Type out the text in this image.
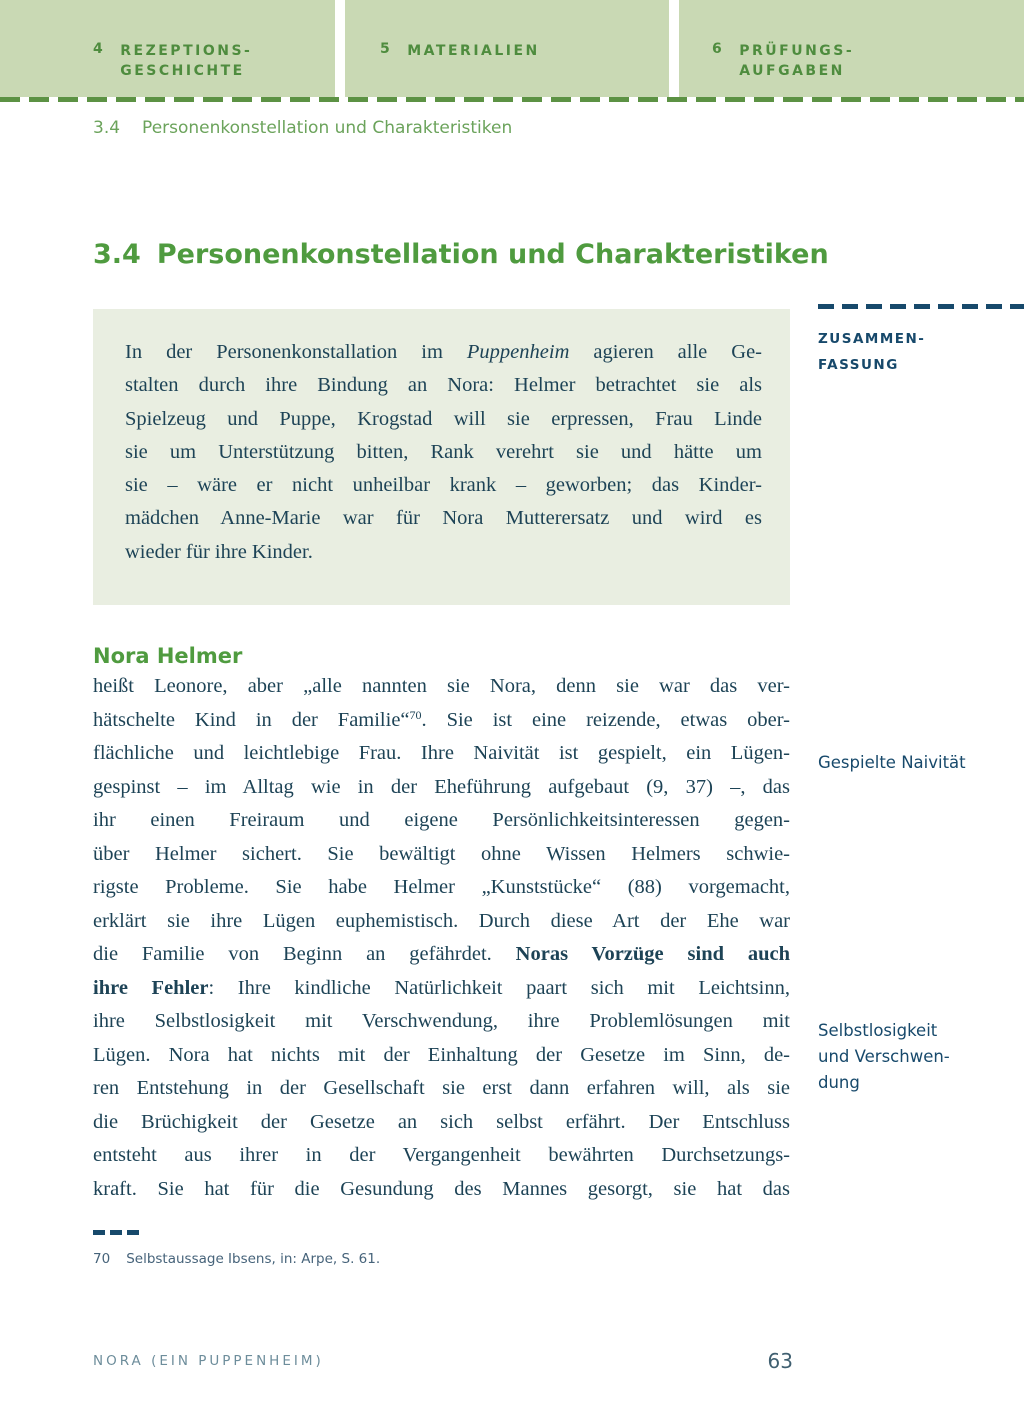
4 REZEPTIONS-
GESCHICHTE
5 MATERIALIEN	6 PRÜFUNGS-
AUFGABEN
3.4 Personenkonstellation und Charakteristiken
3.4 Personenkonstellation und Charakteristiken
In der Personenkonstallation im Puppenheim agieren alle Ge-
stalten durch ihre Bindung an Nora: Helmer betrachtet sie als
Spielzeug und Puppe, Krogstad will sie erpressen, Frau Linde
sie um Unterstützung bitten, Rank verehrt sie und hätte um
sie – wäre er nicht unheilbar krank – geworben; das Kinder-
mädchen Anne-Marie war für Nora Mutterersatz und wird es
wieder für ihre Kinder.
ZUSAMMEN-
FASSUNG
Nora Helmer
heißt Leonore, aber „alle nannten sie Nora, denn sie war das ver-
hätschelte Kind in der Familie“$^{70}$. Sie ist eine reizende, etwas ober-
flächliche und leichtlebige Frau. Ihre Naivität ist gespielt, ein Lügen-
gespinst – im Alltag wie in der Eheführung aufgebaut (9, 37) –, das
ihr einen Freiraum und eigene Persönlichkeitsinteressen gegen-
über Helmer sichert. Sie bewältigt ohne Wissen Helmers schwie-
rigste Probleme. Sie habe Helmer „Kunststücke“ (88) vorgemacht,
erklärt sie ihre Lügen euphemistisch. Durch diese Art der Ehe war
die Familie von Beginn an gefährdet. Noras Vorzüge sind auch
ihre Fehler: Ihre kindliche Natürlichkeit paart sich mit Leichtsinn,
ihre Selbstlosigkeit mit Verschwendung, ihre Problemlösungen mit
Lügen. Nora hat nichts mit der Einhaltung der Gesetze im Sinn, de-
ren Entstehung in der Gesellschaft sie erst dann erfahren will, als sie
die Brüchigkeit der Gesetze an sich selbst erfährt. Der Entschluss
entsteht aus ihrer in der Vergangenheit bewährten Durchsetzungs-
kraft. Sie hat für die Gesundung des Mannes gesorgt, sie hat das
Gespielte Naivität
Selbstlosigkeit
und Verschwen-
dung
70 Selbstaussage Ibsens, in: Arpe, S. 61.
NORA (EIN PUPPENHEIM)	63
